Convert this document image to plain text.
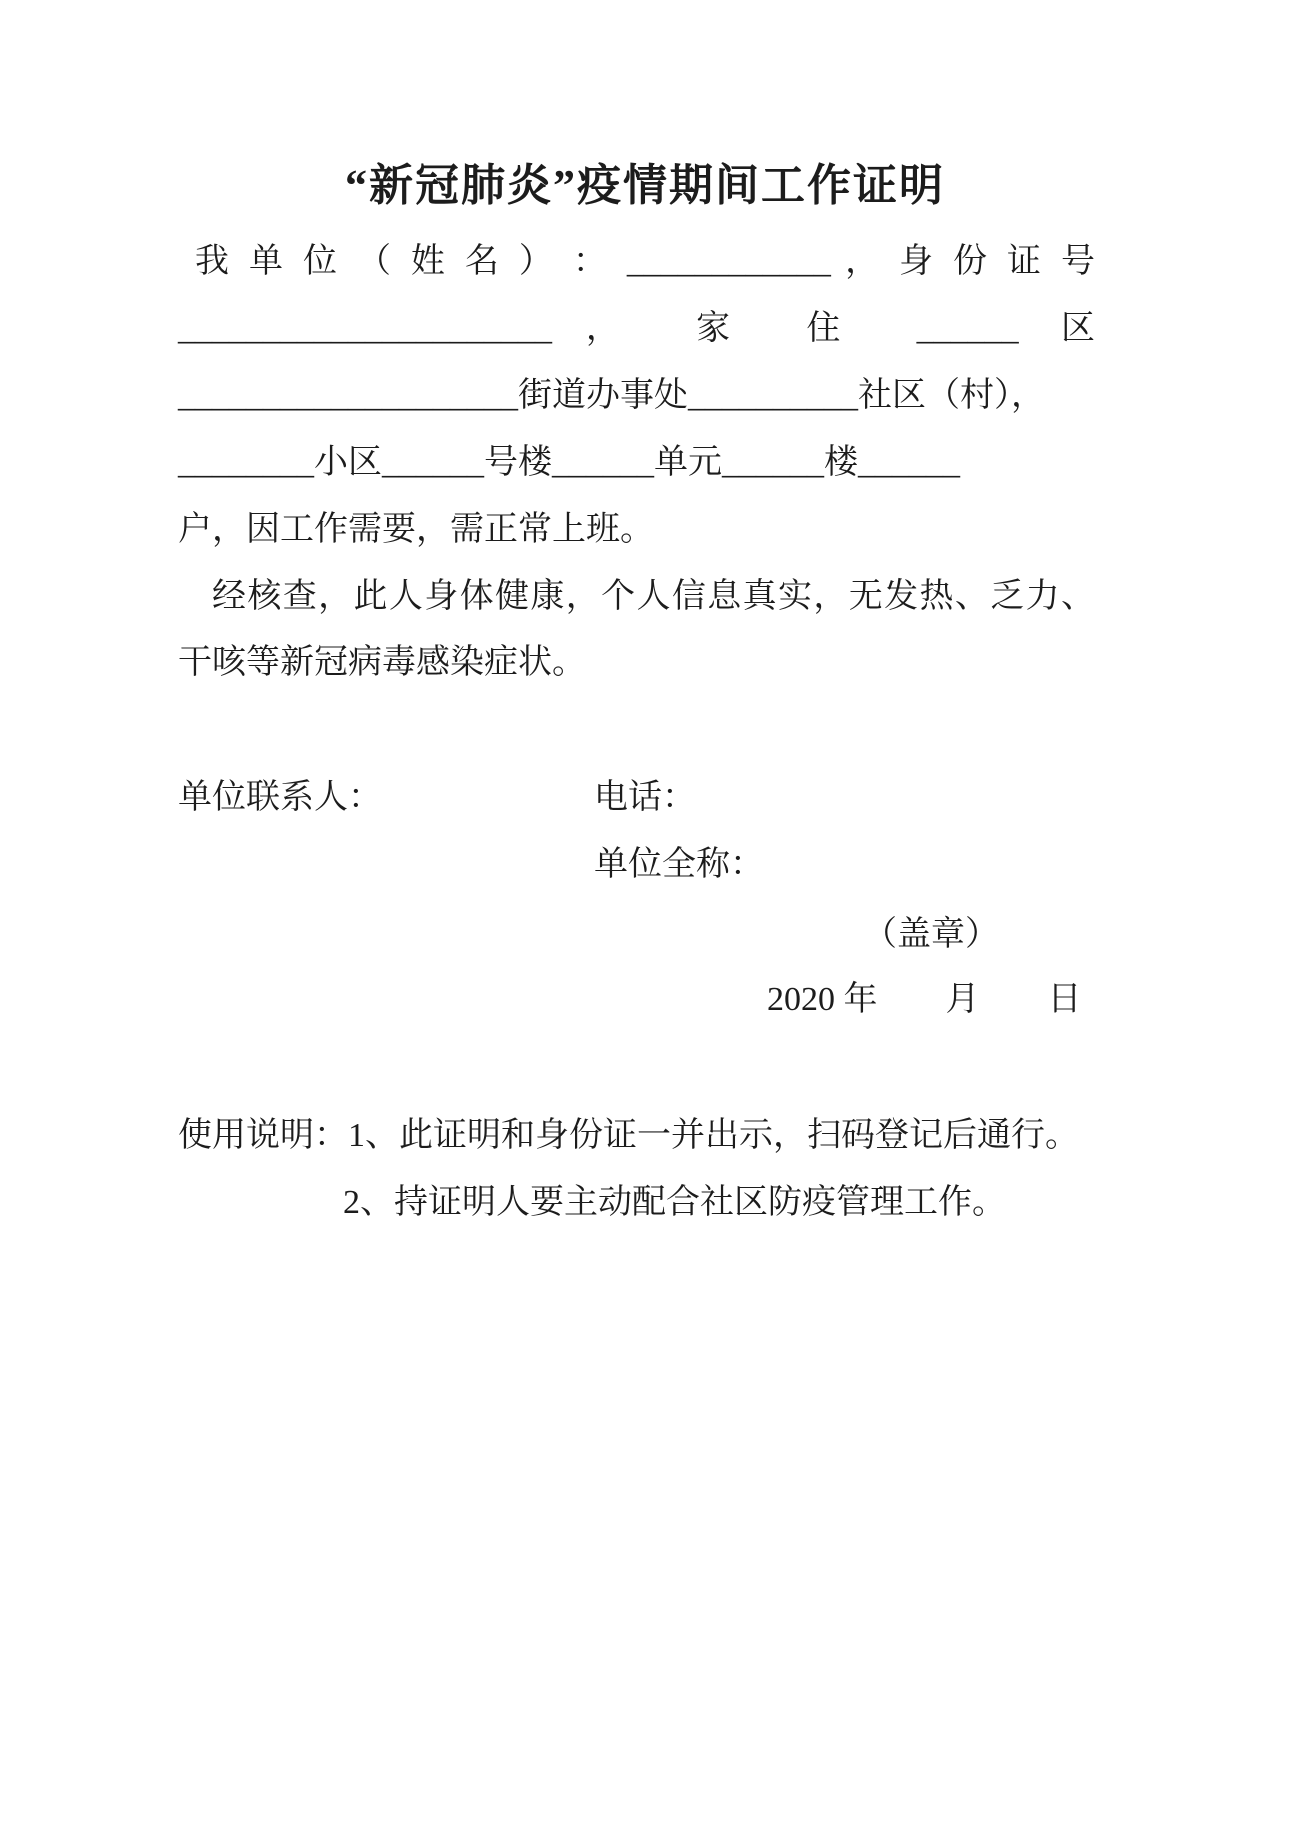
“新冠肺炎”疫情期间工作证明
我 单 位 （ 姓 名 ） ： ____________ ， 身 份 证 号
______________________， 家 住 ______ 区
____________________街道办事处__________社区（村），
________小区______号楼______单元______楼______
户，因工作需要，需正常上班。
经核查，此人身体健康，个人信息真实，无发热、乏力、
干咳等新冠病毒感染症状。
单位联系人：	电话：
单位全称：
（盖章）
2020 年　　月　　日
使用说明：1、此证明和身份证一并出示，扫码登记后通行。
2、持证明人要主动配合社区防疫管理工作。
